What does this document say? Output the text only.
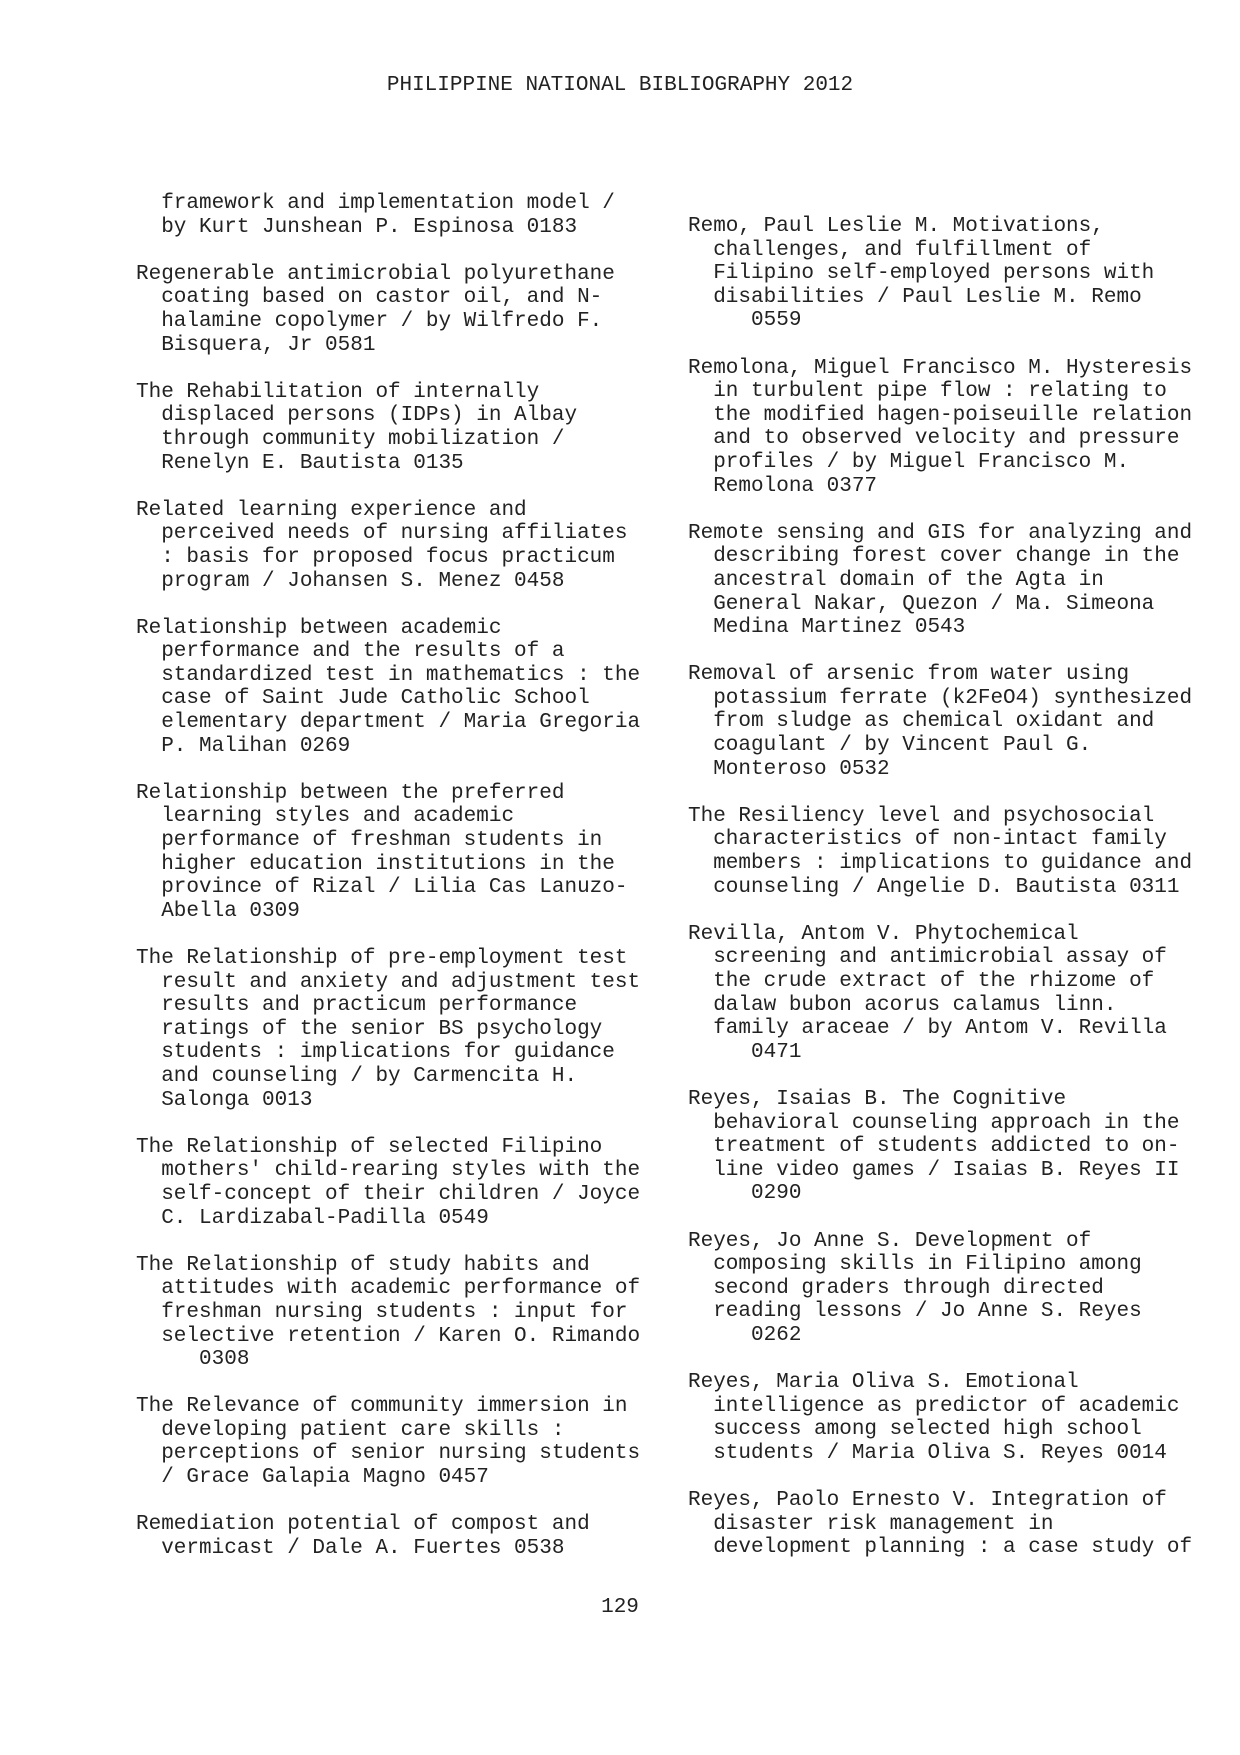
PHILIPPINE NATIONAL BIBLIOGRAPHY 2012
framework and implementation model /
by Kurt Junshean P. Espinosa 0183
Regenerable antimicrobial polyurethane
coating based on castor oil, and N-
halamine copolymer / by Wilfredo F.
Bisquera, Jr 0581
The Rehabilitation of internally
displaced persons (IDPs) in Albay
through community mobilization /
Renelyn E. Bautista 0135
Related learning experience and
perceived needs of nursing affiliates
: basis for proposed focus practicum
program / Johansen S. Menez 0458
Relationship between academic
performance and the results of a
standardized test in mathematics : the
case of Saint Jude Catholic School
elementary department / Maria Gregoria
P. Malihan 0269
Relationship between the preferred
learning styles and academic
performance of freshman students in
higher education institutions in the
province of Rizal / Lilia Cas Lanuzo-
Abella 0309
The Relationship of pre-employment test
result and anxiety and adjustment test
results and practicum performance
ratings of the senior BS psychology
students : implications for guidance
and counseling / by Carmencita H.
Salonga 0013
The Relationship of selected Filipino
mothers' child-rearing styles with the
self-concept of their children / Joyce
C. Lardizabal-Padilla 0549
The Relationship of study habits and
attitudes with academic performance of
freshman nursing students : input for
selective retention / Karen O. Rimando
0308
The Relevance of community immersion in
developing patient care skills :
perceptions of senior nursing students
/ Grace Galapia Magno 0457
Remediation potential of compost and
vermicast / Dale A. Fuertes 0538
Remo, Paul Leslie M. Motivations,
challenges, and fulfillment of
Filipino self-employed persons with
disabilities / Paul Leslie M. Remo
0559
Remolona, Miguel Francisco M. Hysteresis
in turbulent pipe flow : relating to
the modified hagen-poiseuille relation
and to observed velocity and pressure
profiles / by Miguel Francisco M.
Remolona 0377
Remote sensing and GIS for analyzing and
describing forest cover change in the
ancestral domain of the Agta in
General Nakar, Quezon / Ma. Simeona
Medina Martinez 0543
Removal of arsenic from water using
potassium ferrate (k2FeO4) synthesized
from sludge as chemical oxidant and
coagulant / by Vincent Paul G.
Monteroso 0532
The Resiliency level and psychosocial
characteristics of non-intact family
members : implications to guidance and
counseling / Angelie D. Bautista 0311
Revilla, Antom V. Phytochemical
screening and antimicrobial assay of
the crude extract of the rhizome of
dalaw bubon acorus calamus linn.
family araceae / by Antom V. Revilla
0471
Reyes, Isaias B. The Cognitive
behavioral counseling approach in the
treatment of students addicted to on-
line video games / Isaias B. Reyes II
0290
Reyes, Jo Anne S. Development of
composing skills in Filipino among
second graders through directed
reading lessons / Jo Anne S. Reyes
0262
Reyes, Maria Oliva S. Emotional
intelligence as predictor of academic
success among selected high school
students / Maria Oliva S. Reyes 0014
Reyes, Paolo Ernesto V. Integration of
disaster risk management in
development planning : a case study of
129
